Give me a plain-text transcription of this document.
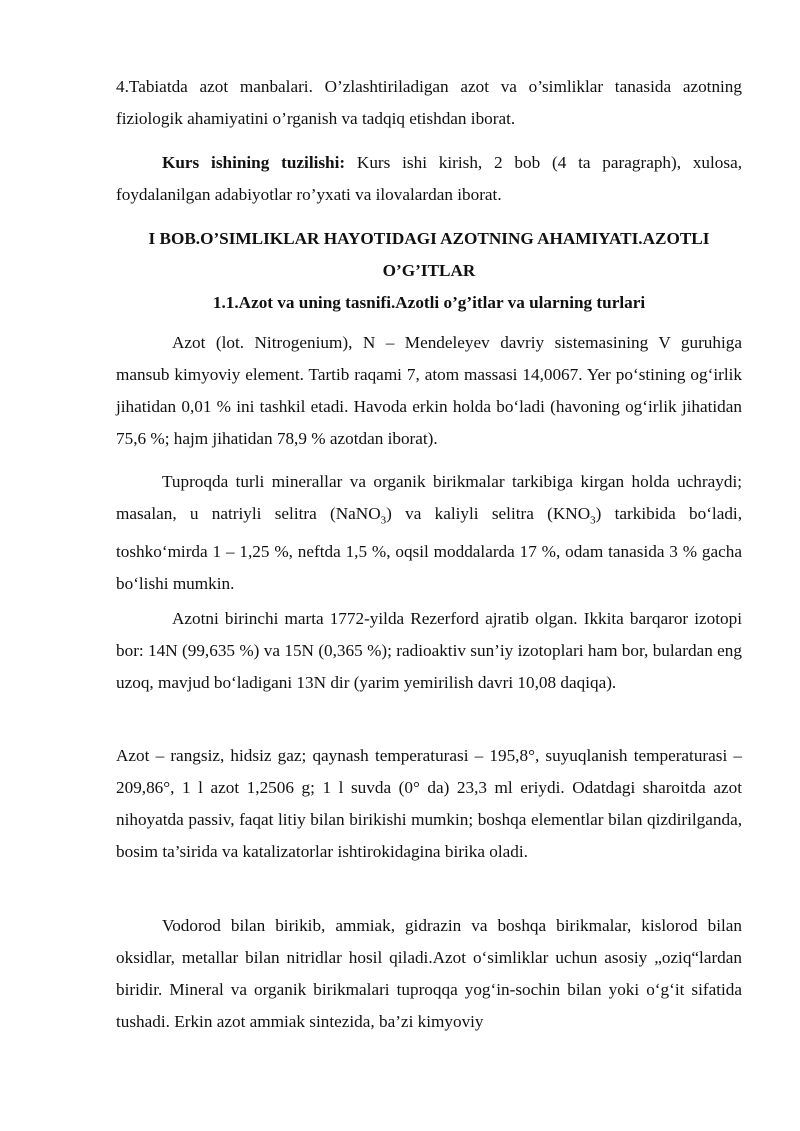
4.Tabiatda azot manbalari. O’zlashtiriladigan azot va o’simliklar tanasida azotning fiziologik ahamiyatini o’rganish va tadqiq etishdan iborat.

Kurs ishining tuzilishi: Kurs ishi kirish, 2 bob (4 ta paragraph), xulosa, foydalanilgan adabiyotlar ro’yxati va ilovalardan iborat.

I BOB.O’SIMLIKLAR HAYOTIDAGI AZOTNING AHAMIYATI.AZOTLI O’G’ITLAR
1.1.Azot va uning tasnifi.Azotli o’g’itlar va ularning turlari

Azot (lot. Nitrogenium), N – Mendeleyev davriy sistemasining V guruhiga mansub kimyoviy element. Tartib raqami 7, atom massasi 14,0067. Yer po‘stining og‘irlik jihatidan 0,01 % ini tashkil etadi. Havoda erkin holda bo‘ladi (havoning og‘irlik jihatidan 75,6 %; hajm jihatidan 78,9 % azotdan iborat).

Tuproqda turli minerallar va organik birikmalar tarkibiga kirgan holda uchraydi; masalan, u natriyli selitra (NaNO$_3$) va kaliyli selitra $(KNO_3)$ tarkibida bo‘ladi, toshko‘mirda 1 – 1,25 %, neftda 1,5 %, oqsil moddalarda 17 %, odam tanasida 3 % gacha bo‘lishi mumkin.

Azotni birinchi marta 1772-yilda Rezerford ajratib olgan. Ikkita barqaror izotopi bor: 14N (99,635 %) va 15N (0,365 %); radioaktiv sun’iy izotoplari ham bor, bulardan eng uzoq, mavjud bo‘ladigani 13N dir (yarim yemirilish davri 10,08 daqiqa).

Azot – rangsiz, hidsiz gaz; qaynash temperaturasi – 195,8°, suyuqlanish temperaturasi – 209,86°, 1 l azot 1,2506 g; 1 l suvda (0° da) 23,3 ml eriydi. Odatdagi sharoitda azot nihoyatda passiv, faqat litiy bilan birikishi mumkin; boshqa elementlar bilan qizdirilganda, bosim ta’sirida va katalizatorlar ishtirokidagina birika oladi.

Vodorod bilan birikib, ammiak, gidrazin va boshqa birikmalar, kislorod bilan oksidlar, metallar bilan nitridlar hosil qiladi.Azot o‘simliklar uchun asosiy „oziq“lardan biridir. Mineral va organik birikmalari tuproqqa yog‘in-sochin bilan yoki o‘g‘it sifatida tushadi. Erkin azot ammiak sintezida, ba’zi kimyoviy
